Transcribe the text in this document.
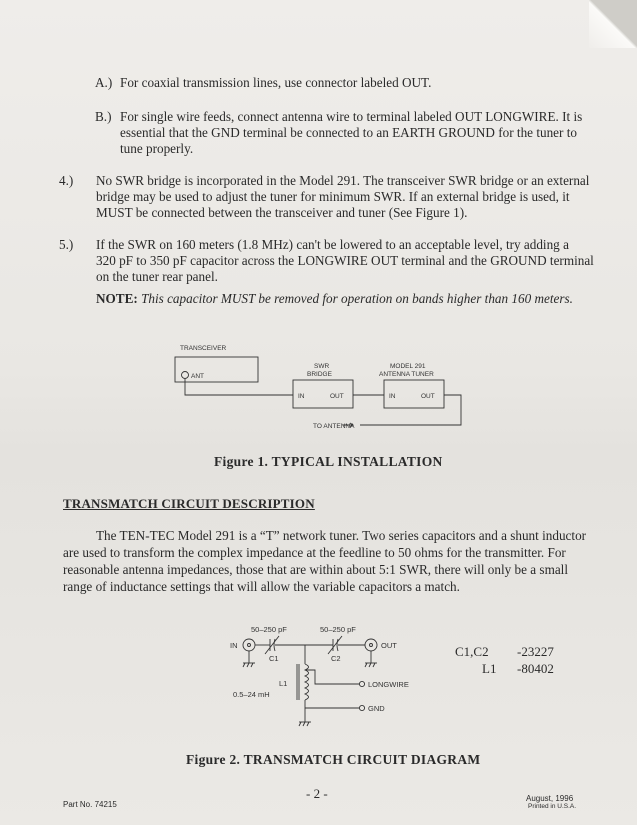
A.) For coaxial transmission lines, use connector labeled OUT.
B.) For single wire feeds, connect antenna wire to terminal labeled OUT LONGWIRE. It is
essential that the GND terminal be connected to an EARTH GROUND for the tuner to
tune properly.
4.) No SWR bridge is incorporated in the Model 291. The transceiver SWR bridge or an external
bridge may be used to adjust the tuner for minimum SWR. If an external bridge is used, it
MUST be connected between the transceiver and tuner (See Figure 1).
5.) If the SWR on 160 meters (1.8 MHz) can't be lowered to an acceptable level, try adding a
320 pF to 350 pF capacitor across the LONGWIRE OUT terminal and the GROUND terminal
on the tuner rear panel.
NOTE: This capacitor MUST be removed for operation on bands higher than 160 meters.
TRANSCEIVER
ANT
SWR
BRIDGE
IN	OUT
MODEL 291
ANTENNA TUNER
IN	OUT
TO ANTENNA
Figure 1. TYPICAL INSTALLATION
TRANSMATCH CIRCUIT DESCRIPTION
The TEN-TEC Model 291 is a “T” network tuner. Two series capacitors and a shunt inductor
are used to transform the complex impedance at the feedline to 50 ohms for the transmitter. For
reasonable antenna impedances, those that are within about 5:1 SWR, there will only be a small
range of inductance settings that will allow the variable capacitors a match.
50–250 pF	50–250 pF
IN
C1	C2
OUT
L1
0.5–24 mH
LONGWIRE
GND
C1,C2 -23227
L1 -80402
Figure 2. TRANSMATCH CIRCUIT DIAGRAM
- 2 -
Part No. 74215
August, 1996
Printed in U.S.A.
